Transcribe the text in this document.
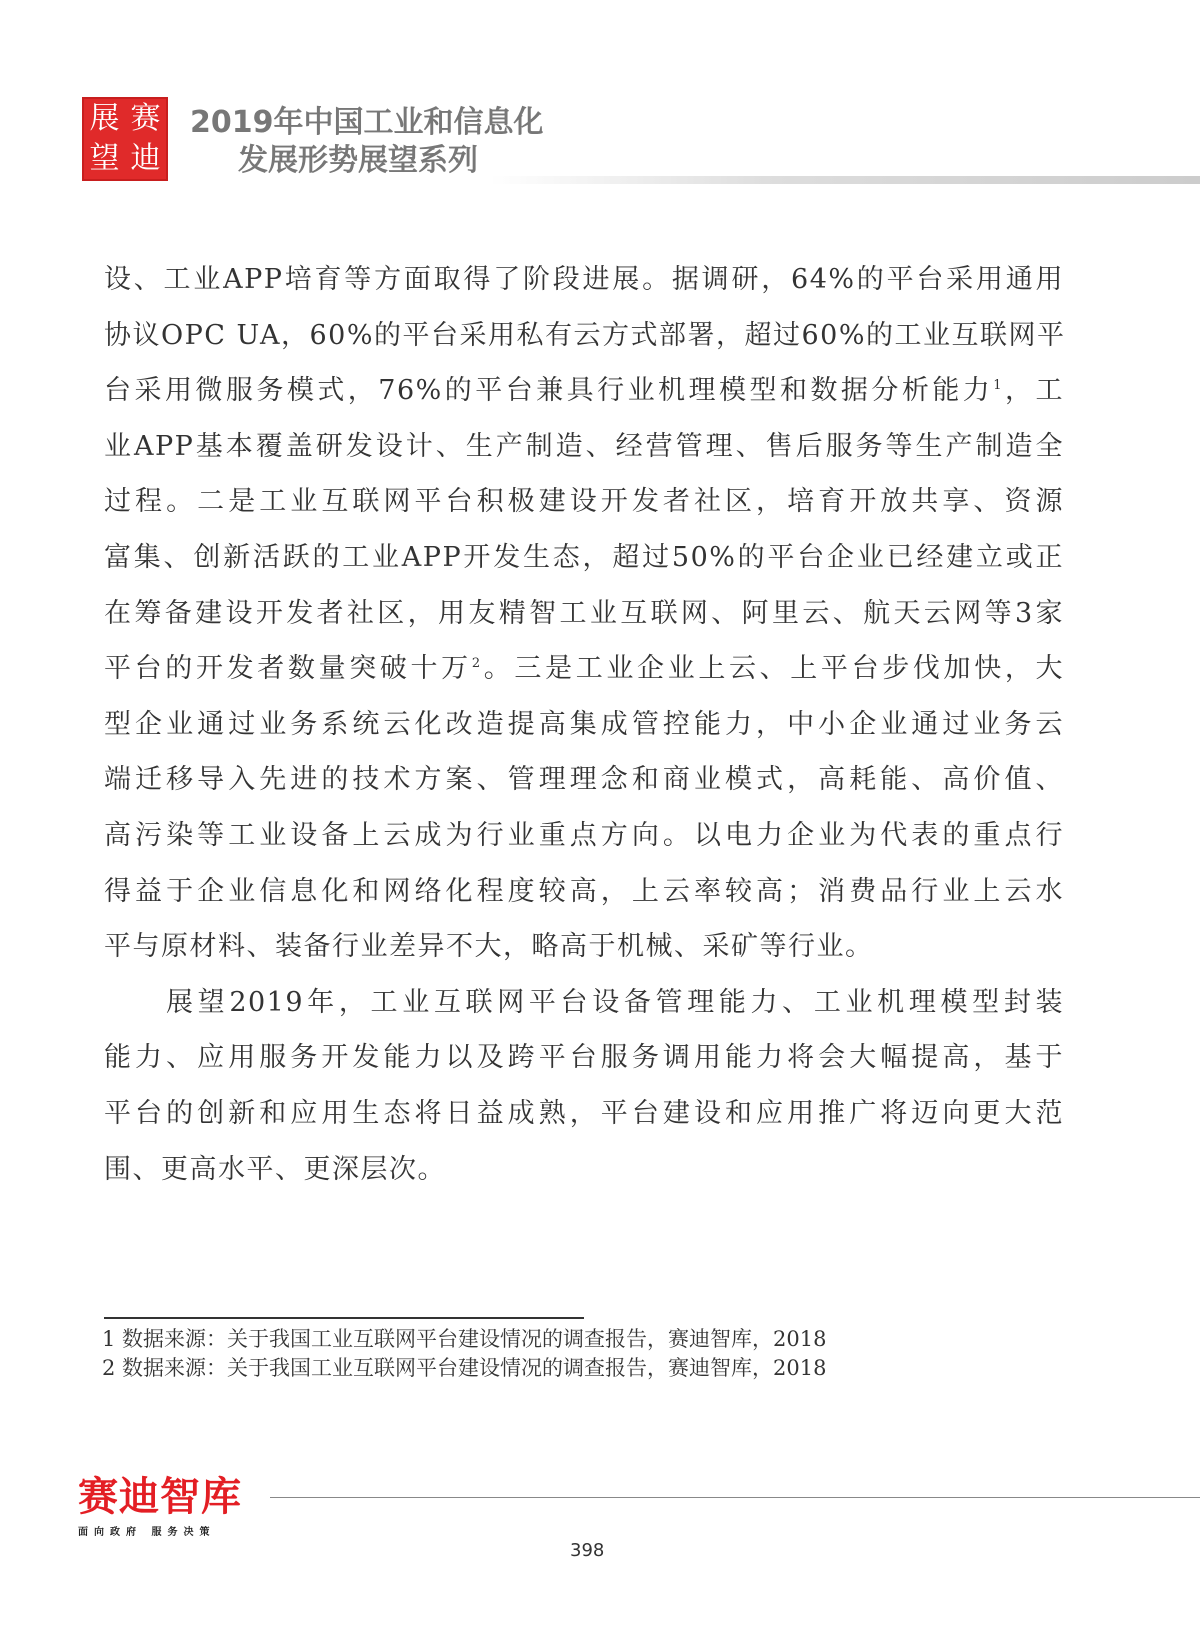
展 赛
望 迪
2019年中国工业和信息化
发展形势展望系列
设、工业APP培育等方面取得了阶段进展。据调研，64%的平台采用通用
协议OPC UA，60%的平台采用私有云方式部署，超过60%的工业互联网平
台采用微服务模式，76%的平台兼具行业机理模型和数据分析能力$^1$，工
业APP基本覆盖研发设计、生产制造、经营管理、售后服务等生产制造全
过程。二是工业互联网平台积极建设开发者社区，培育开放共享、资源
富集、创新活跃的工业APP开发生态，超过50%的平台企业已经建立或正
在筹备建设开发者社区，用友精智工业互联网、阿里云、航天云网等3家
平台的开发者数量突破十万$^2$。三是工业企业上云、上平台步伐加快，大
型企业通过业务系统云化改造提高集成管控能力，中小企业通过业务云
端迁移导入先进的技术方案、管理理念和商业模式，高耗能、高价值、
高污染等工业设备上云成为行业重点方向。以电力企业为代表的重点行
得益于企业信息化和网络化程度较高，上云率较高；消费品行业上云水
平与原材料、装备行业差异不大，略高于机械、采矿等行业。
展望2019年，工业互联网平台设备管理能力、工业机理模型封装
能力、应用服务开发能力以及跨平台服务调用能力将会大幅提高，基于
平台的创新和应用生态将日益成熟，平台建设和应用推广将迈向更大范
围、更高水平、更深层次。
1 数据来源：关于我国工业互联网平台建设情况的调查报告，赛迪智库，2018
2 数据来源：关于我国工业互联网平台建设情况的调查报告，赛迪智库，2018
赛迪智库
面向政府 服务决策
398
